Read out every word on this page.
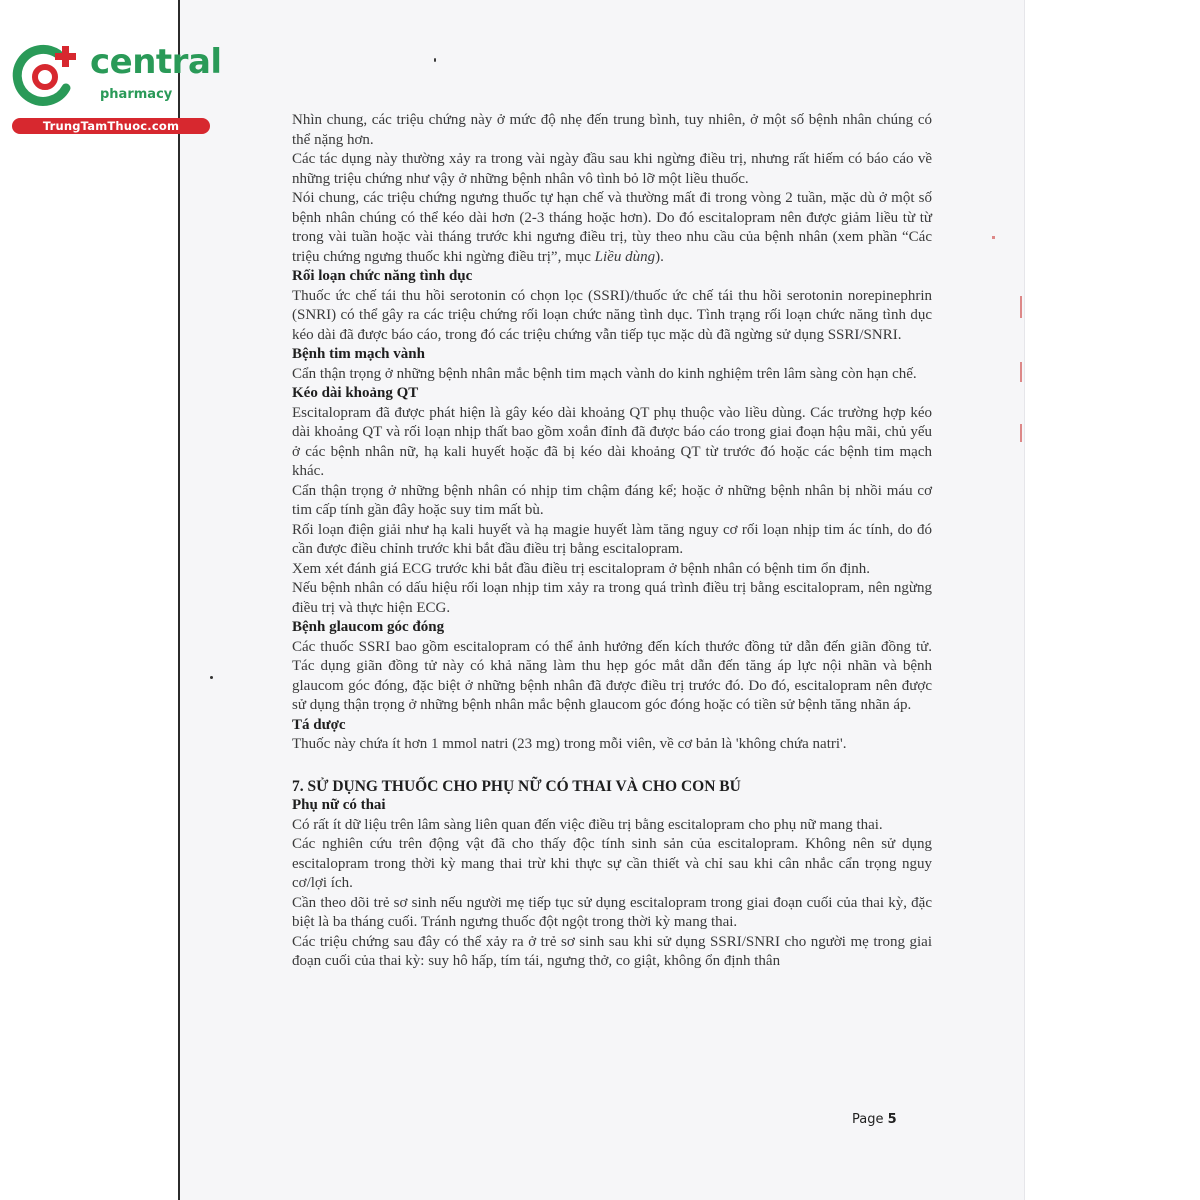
central
pharmacy
TrungTamThuoc.com	Nhìn chung, các triệu chứng này ở mức độ nhẹ đến trung bình, tuy nhiên, ở một số bệnh nhân chúng có thể nặng hơn.

Các tác dụng này thường xảy ra trong vài ngày đầu sau khi ngừng điều trị, nhưng rất hiếm có báo cáo về những triệu chứng như vậy ở những bệnh nhân vô tình bỏ lỡ một liều thuốc.

Nói chung, các triệu chứng ngưng thuốc tự hạn chế và thường mất đi trong vòng 2 tuần, mặc dù ở một số bệnh nhân chúng có thể kéo dài hơn (2-3 tháng hoặc hơn). Do đó escitalopram nên được giảm liều từ từ trong vài tuần hoặc vài tháng trước khi ngưng điều trị, tùy theo nhu cầu của bệnh nhân (xem phần “Các triệu chứng ngưng thuốc khi ngừng điều trị”, mục Liều dùng).

Rối loạn chức năng tình dục

Thuốc ức chế tái thu hồi serotonin có chọn lọc (SSRI)/thuốc ức chế tái thu hồi serotonin norepinephrin (SNRI) có thể gây ra các triệu chứng rối loạn chức năng tình dục. Tình trạng rối loạn chức năng tình dục kéo dài đã được báo cáo, trong đó các triệu chứng vẫn tiếp tục mặc dù đã ngừng sử dụng SSRI/SNRI.

Bệnh tim mạch vành

Cẩn thận trọng ở những bệnh nhân mắc bệnh tim mạch vành do kinh nghiệm trên lâm sàng còn hạn chế.

Kéo dài khoảng QT

Escitalopram đã được phát hiện là gây kéo dài khoảng QT phụ thuộc vào liều dùng. Các trường hợp kéo dài khoảng QT và rối loạn nhịp thất bao gồm xoắn đỉnh đã được báo cáo trong giai đoạn hậu mãi, chủ yếu ở các bệnh nhân nữ, hạ kali huyết hoặc đã bị kéo dài khoảng QT từ trước đó hoặc các bệnh tim mạch khác.

Cẩn thận trọng ở những bệnh nhân có nhịp tim chậm đáng kể; hoặc ở những bệnh nhân bị nhồi máu cơ tim cấp tính gần đây hoặc suy tim mất bù.

Rối loạn điện giải như hạ kali huyết và hạ magie huyết làm tăng nguy cơ rối loạn nhịp tim ác tính, do đó cần được điều chỉnh trước khi bắt đầu điều trị bằng escitalopram.

Xem xét đánh giá ECG trước khi bắt đầu điều trị escitalopram ở bệnh nhân có bệnh tim ổn định.

Nếu bệnh nhân có dấu hiệu rối loạn nhịp tim xảy ra trong quá trình điều trị bằng escitalopram, nên ngừng điều trị và thực hiện ECG.

Bệnh glaucom góc đóng

Các thuốc SSRI bao gồm escitalopram có thể ảnh hưởng đến kích thước đồng tử dẫn đến giãn đồng tử. Tác dụng giãn đồng tử này có khả năng làm thu hẹp góc mắt dẫn đến tăng áp lực nội nhãn và bệnh glaucom góc đóng, đặc biệt ở những bệnh nhân đã được điều trị trước đó. Do đó, escitalopram nên được sử dụng thận trọng ở những bệnh nhân mắc bệnh glaucom góc đóng hoặc có tiền sử bệnh tăng nhãn áp.

Tá dược

Thuốc này chứa ít hơn 1 mmol natri (23 mg) trong mỗi viên, về cơ bản là 'không chứa natri'.

7. SỬ DỤNG THUỐC CHO PHỤ NỮ CÓ THAI VÀ CHO CON BÚ
Phụ nữ có thai

Có rất ít dữ liệu trên lâm sàng liên quan đến việc điều trị bằng escitalopram cho phụ nữ mang thai.

Các nghiên cứu trên động vật đã cho thấy độc tính sinh sản của escitalopram. Không nên sử dụng escitalopram trong thời kỳ mang thai trừ khi thực sự cần thiết và chỉ sau khi cân nhắc cẩn trọng nguy cơ/lợi ích.

Cần theo dõi trẻ sơ sinh nếu người mẹ tiếp tục sử dụng escitalopram trong giai đoạn cuối của thai kỳ, đặc biệt là ba tháng cuối. Tránh ngưng thuốc đột ngột trong thời kỳ mang thai.

Các triệu chứng sau đây có thể xảy ra ở trẻ sơ sinh sau khi sử dụng SSRI/SNRI cho người mẹ trong giai đoạn cuối của thai kỳ: suy hô hấp, tím tái, ngưng thở, co giật, không ổn định thân

Page 5
